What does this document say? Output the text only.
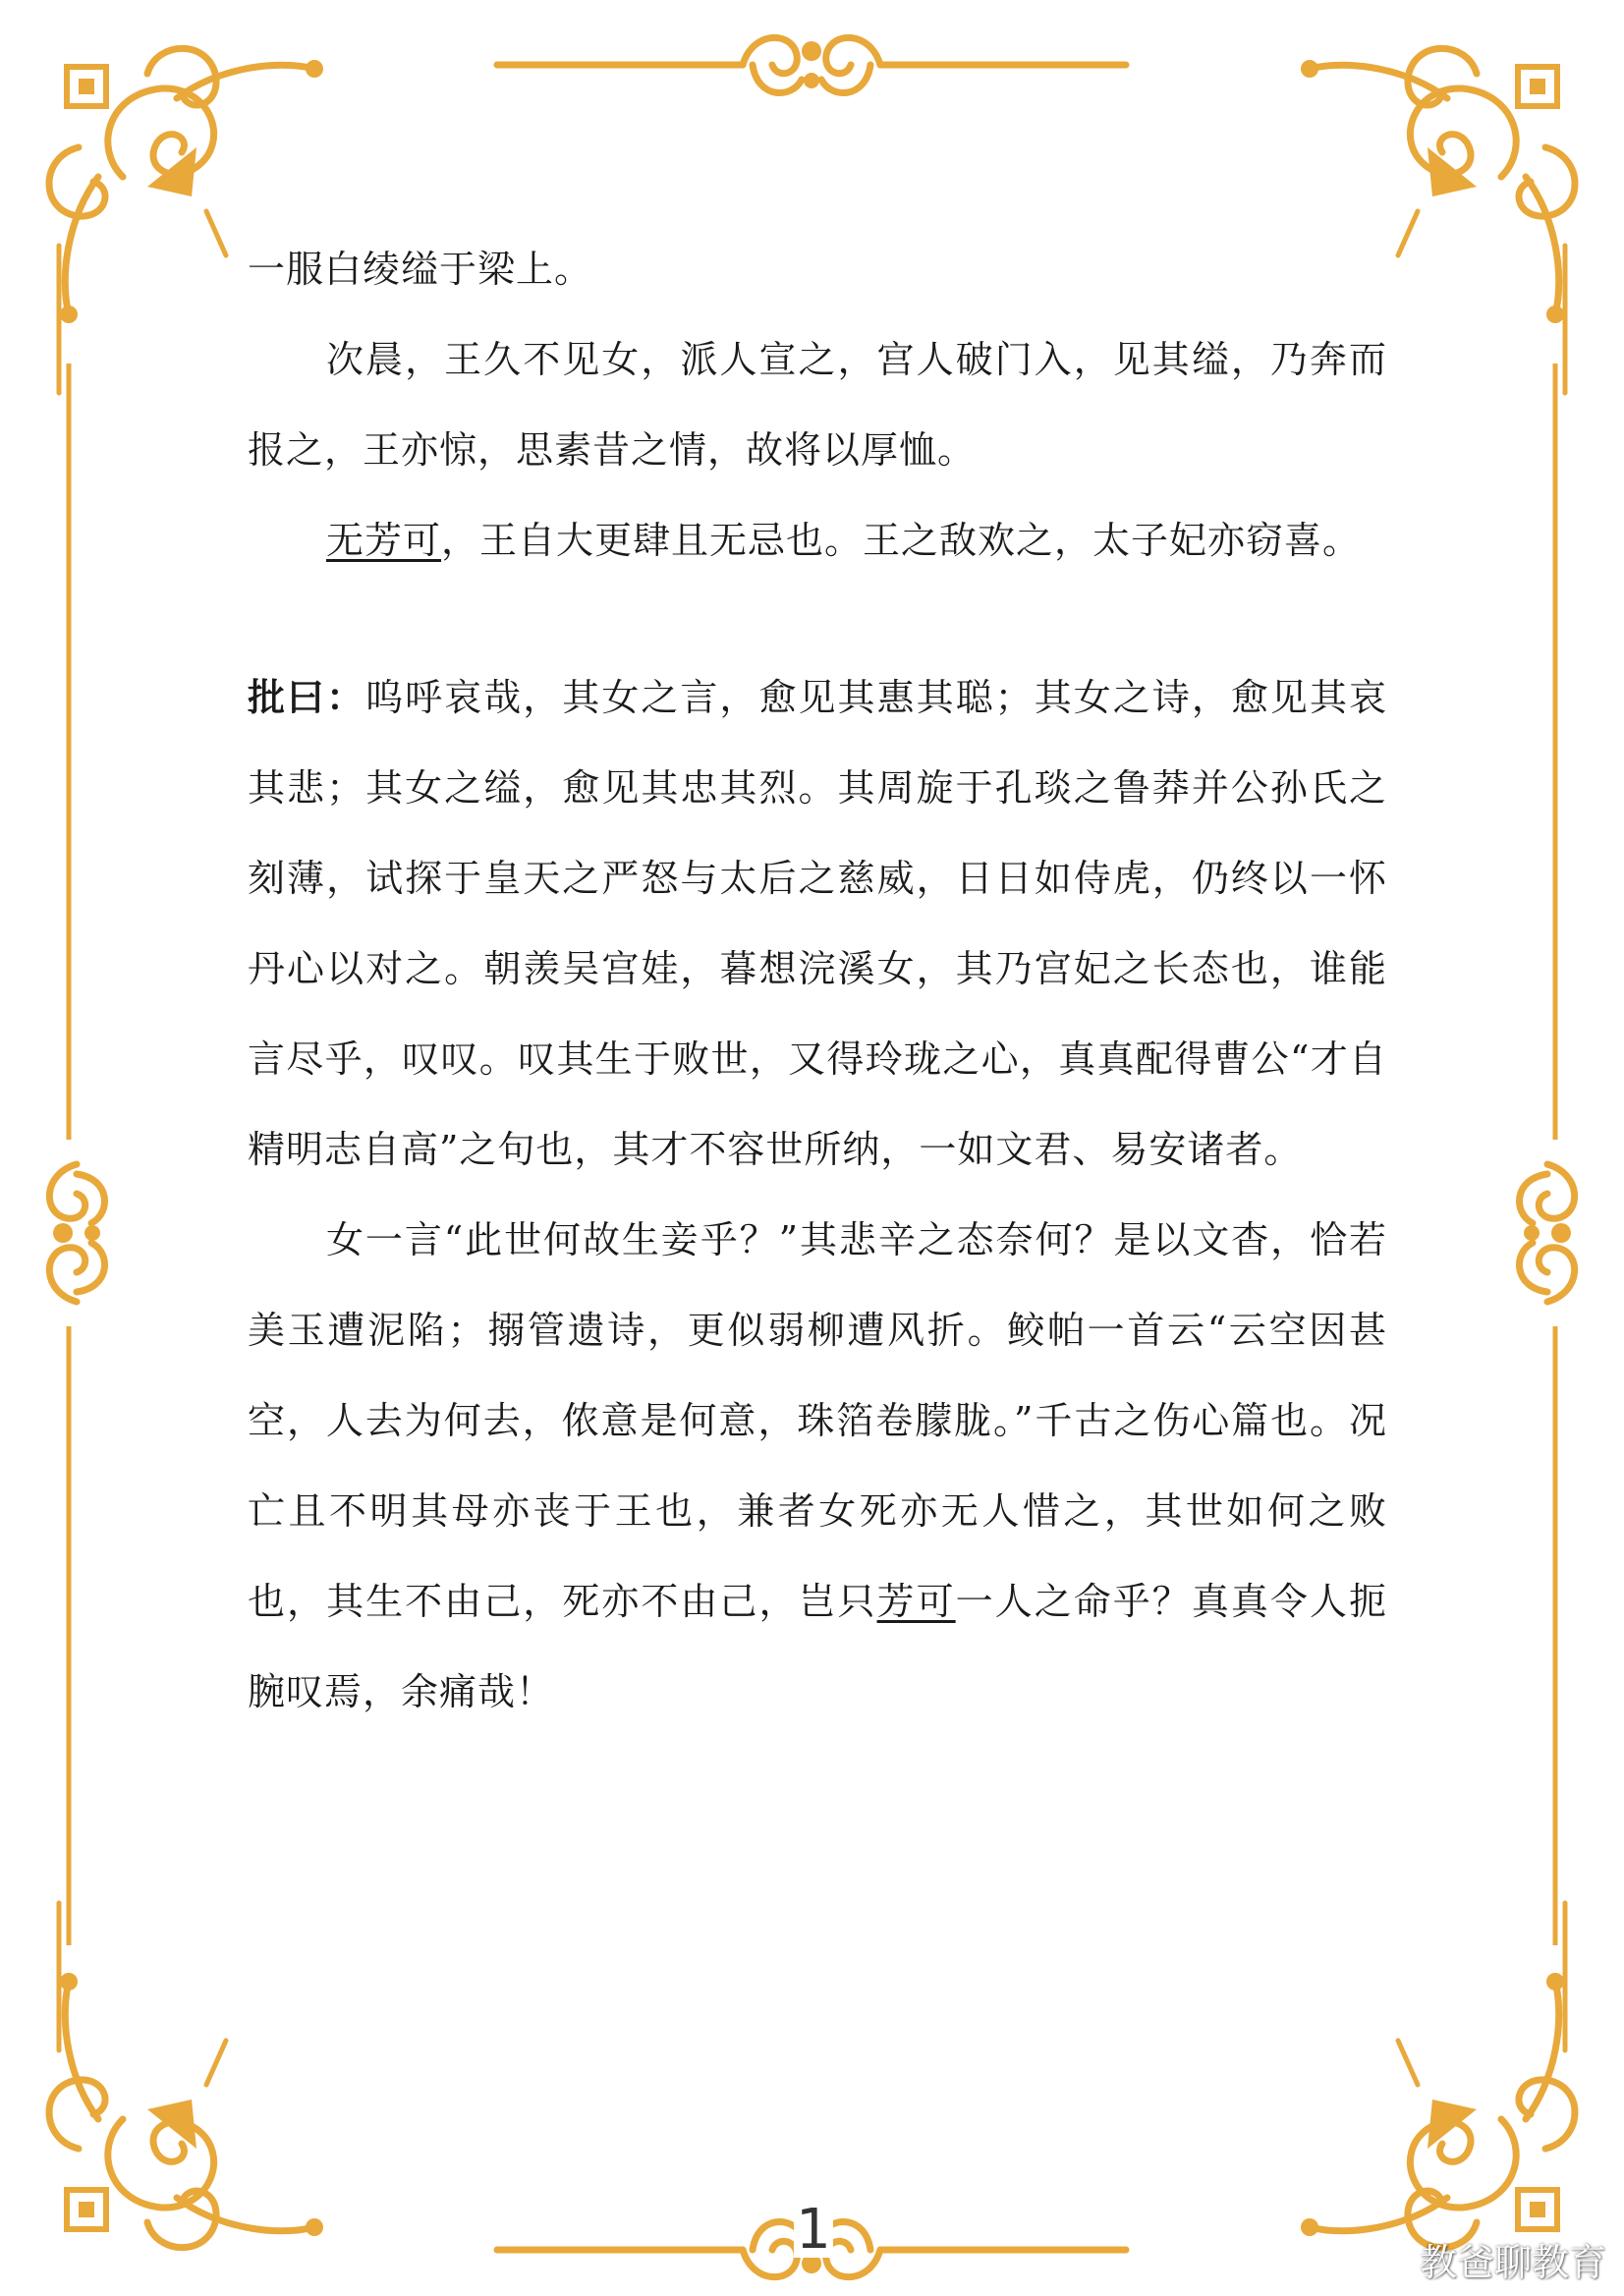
一服白绫缢于梁上。

次晨，王久不见女，派人宣之，宫人破门入，见其缢，乃奔而报之，王亦惊，思素昔之情，故将以厚恤。

无芳可，王自大更肆且无忌也。王之敌欢之，太子妃亦窃喜。

批曰：呜呼哀哉，其女之言，愈见其惠其聪；其女之诗，愈见其哀其悲；其女之缢，愈见其忠其烈。其周旋于孔琰之鲁莽并公孙氏之刻薄，试探于皇天之严怒与太后之慈威，日日如侍虎，仍终以一怀丹心以对之。朝羡吴宫娃，暮想浣溪女，其乃宫妃之长态也，谁能言尽乎，叹叹。叹其生于败世，又得玲珑之心，真真配得曹公“才自精明志自高”之句也，其才不容世所纳，一如文君、易安诸者。

女一言“此世何故生妾乎？”其悲辛之态奈何？是以文杳，恰若美玉遭泥陷；搦管遗诗，更似弱柳遭风折。鲛帕一首云“云空因甚空，人去为何去，侬意是何意，珠箔卷朦胧。”千古之伤心篇也。况亡且不明其母亦丧于王也，兼者女死亦无人惜之，其世如何之败也，其生不由己，死亦不由己，岂只芳可一人之命乎？真真令人扼腕叹焉，余痛哉！

1
教爸聊教育
